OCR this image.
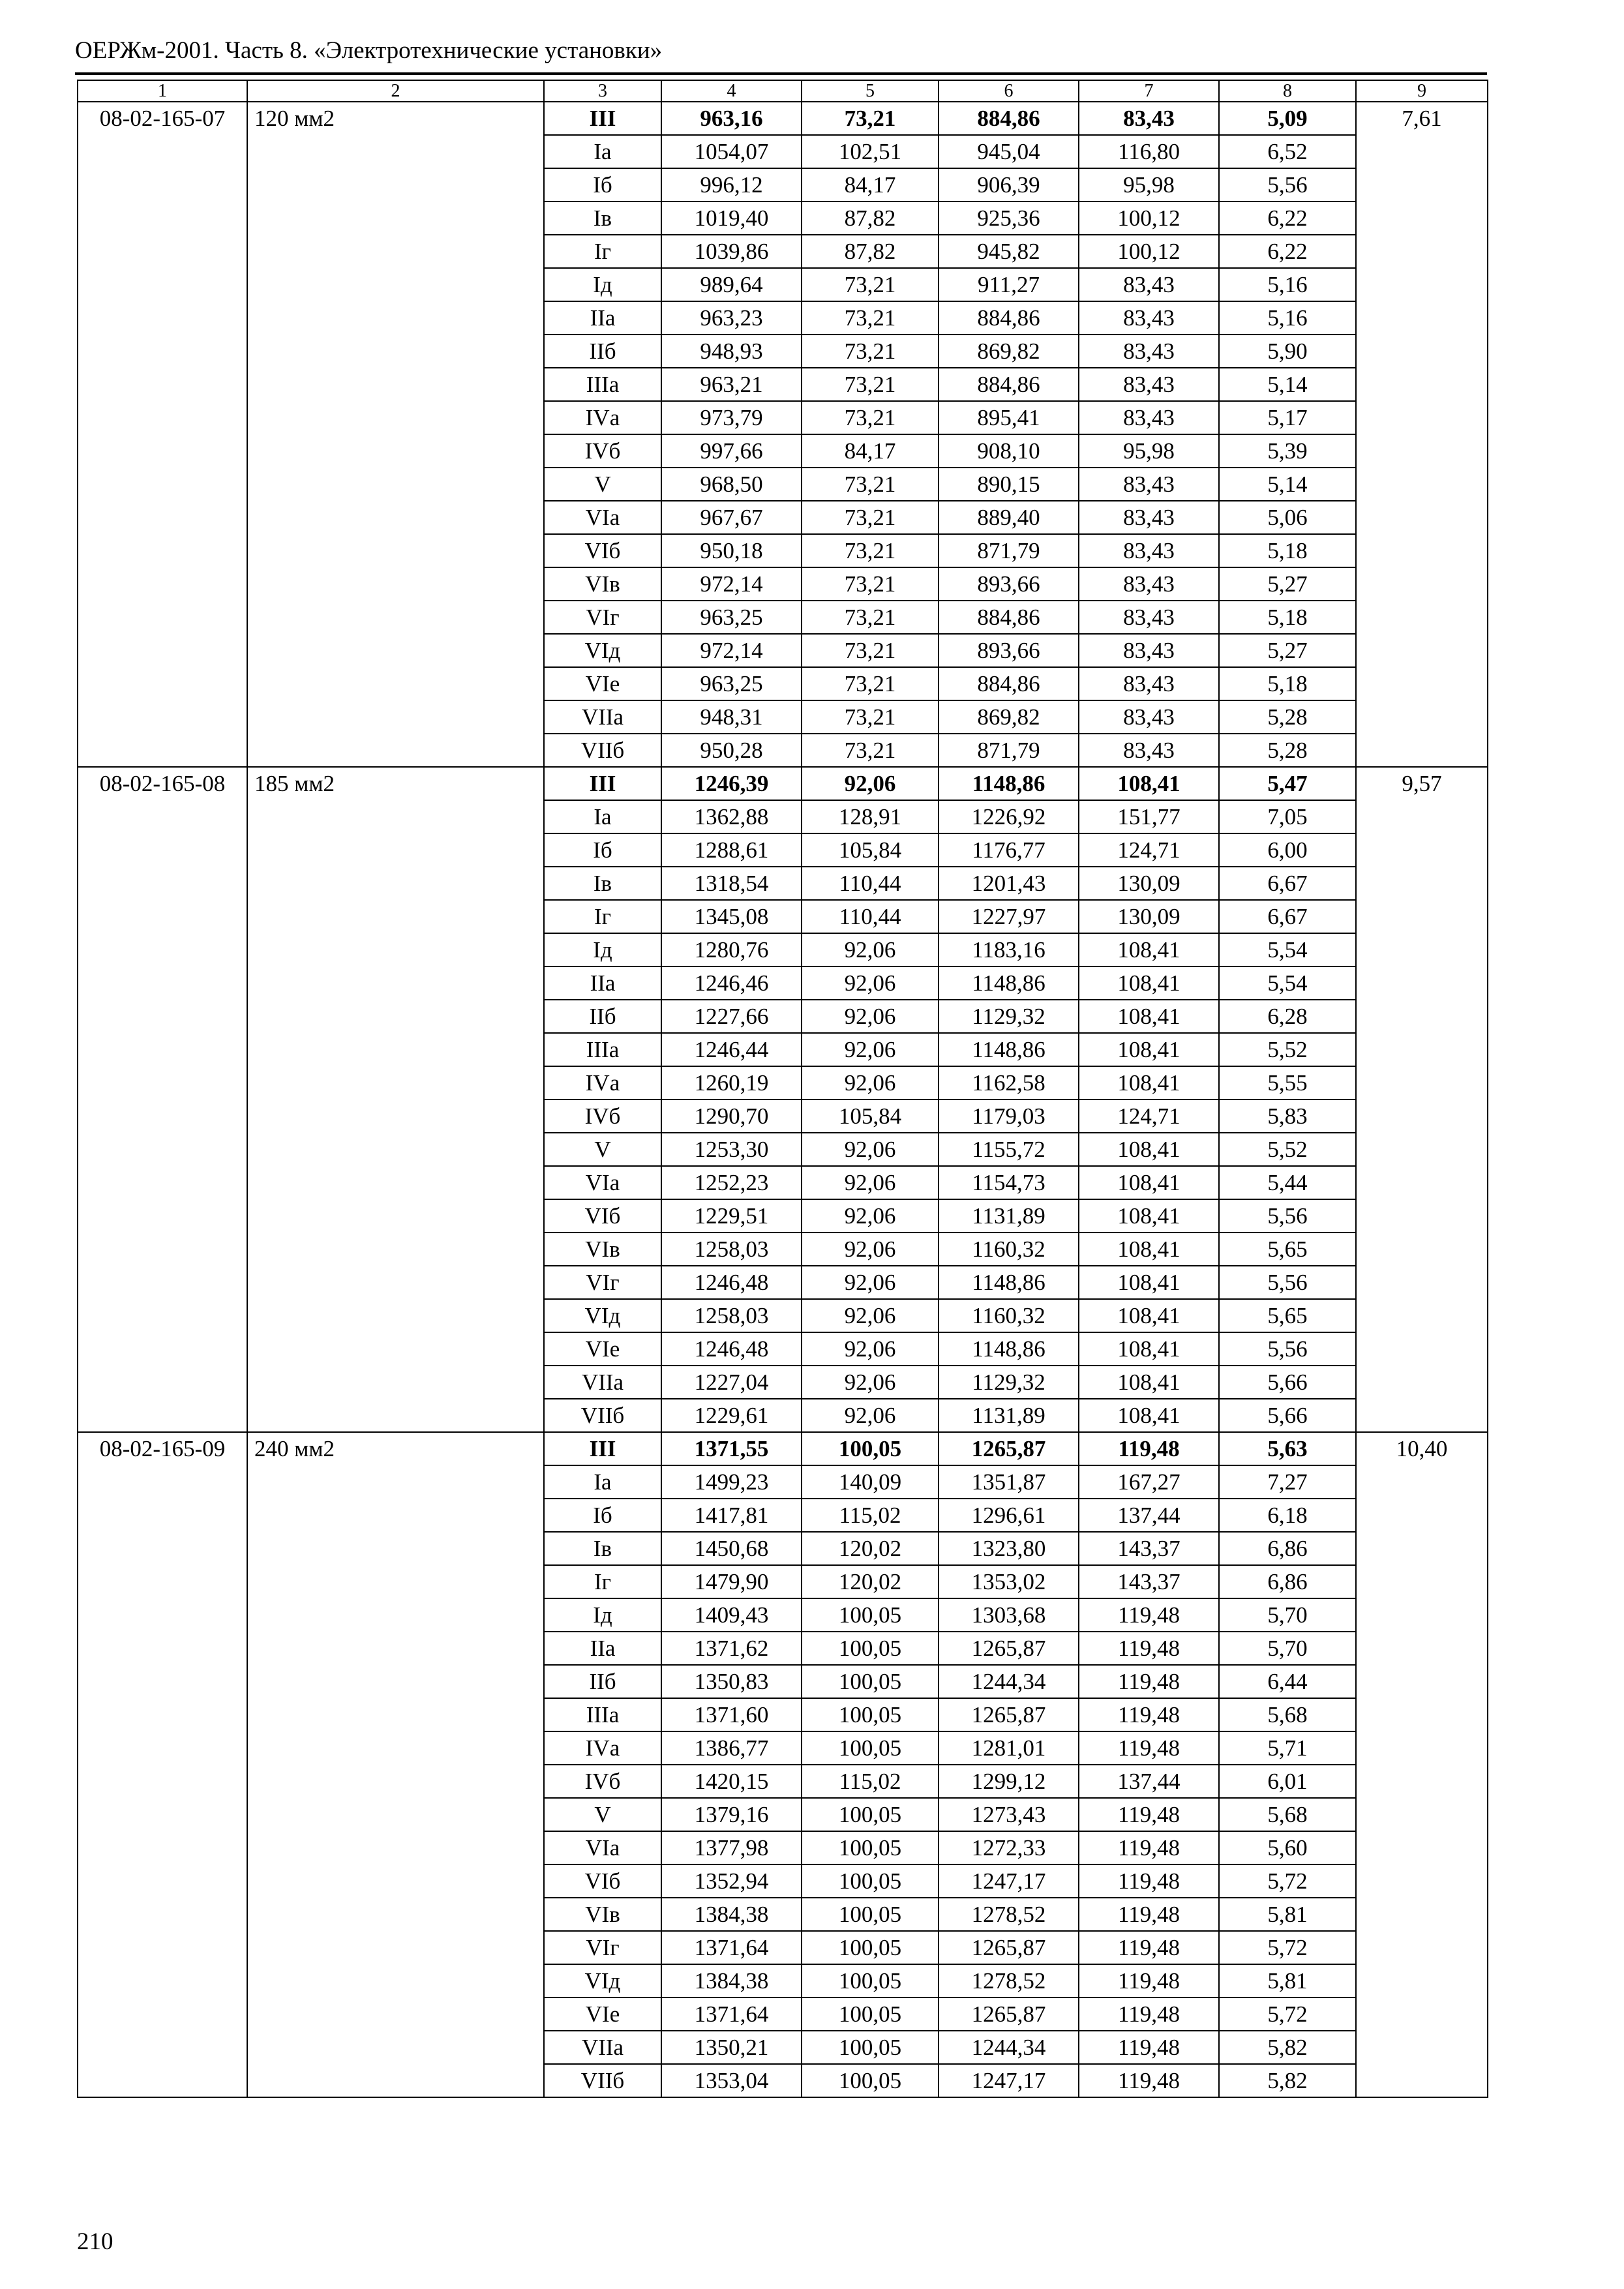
ОЕРЖм-2001. Часть 8. «Электротехнические установки»
1	2	3	4	5	6	7	8	9
08-02-165-07	120 мм2	III	963,16	73,21	884,86	83,43	5,09	7,61
		Iа	1054,07	102,51	945,04	116,80	6,52	
		Iб	996,12	84,17	906,39	95,98	5,56	
		Iв	1019,40	87,82	925,36	100,12	6,22	
		Iг	1039,86	87,82	945,82	100,12	6,22	
		Iд	989,64	73,21	911,27	83,43	5,16	
		IIа	963,23	73,21	884,86	83,43	5,16	
		IIб	948,93	73,21	869,82	83,43	5,90	
		IIIа	963,21	73,21	884,86	83,43	5,14	
		IVа	973,79	73,21	895,41	83,43	5,17	
		IVб	997,66	84,17	908,10	95,98	5,39	
		V	968,50	73,21	890,15	83,43	5,14	
		VIа	967,67	73,21	889,40	83,43	5,06	
		VIб	950,18	73,21	871,79	83,43	5,18	
		VIв	972,14	73,21	893,66	83,43	5,27	
		VIг	963,25	73,21	884,86	83,43	5,18	
		VIд	972,14	73,21	893,66	83,43	5,27	
		VIе	963,25	73,21	884,86	83,43	5,18	
		VIIа	948,31	73,21	869,82	83,43	5,28	
		VIIб	950,28	73,21	871,79	83,43	5,28	
08-02-165-08	185 мм2	III	1246,39	92,06	1148,86	108,41	5,47	9,57
		Iа	1362,88	128,91	1226,92	151,77	7,05	
		Iб	1288,61	105,84	1176,77	124,71	6,00	
		Iв	1318,54	110,44	1201,43	130,09	6,67	
		Iг	1345,08	110,44	1227,97	130,09	6,67	
		Iд	1280,76	92,06	1183,16	108,41	5,54	
		IIа	1246,46	92,06	1148,86	108,41	5,54	
		IIб	1227,66	92,06	1129,32	108,41	6,28	
		IIIа	1246,44	92,06	1148,86	108,41	5,52	
		IVа	1260,19	92,06	1162,58	108,41	5,55	
		IVб	1290,70	105,84	1179,03	124,71	5,83	
		V	1253,30	92,06	1155,72	108,41	5,52	
		VIа	1252,23	92,06	1154,73	108,41	5,44	
		VIб	1229,51	92,06	1131,89	108,41	5,56	
		VIв	1258,03	92,06	1160,32	108,41	5,65	
		VIг	1246,48	92,06	1148,86	108,41	5,56	
		VIд	1258,03	92,06	1160,32	108,41	5,65	
		VIе	1246,48	92,06	1148,86	108,41	5,56	
		VIIа	1227,04	92,06	1129,32	108,41	5,66	
		VIIб	1229,61	92,06	1131,89	108,41	5,66	
08-02-165-09	240 мм2	III	1371,55	100,05	1265,87	119,48	5,63	10,40
		Iа	1499,23	140,09	1351,87	167,27	7,27	
		Iб	1417,81	115,02	1296,61	137,44	6,18	
		Iв	1450,68	120,02	1323,80	143,37	6,86	
		Iг	1479,90	120,02	1353,02	143,37	6,86	
		Iд	1409,43	100,05	1303,68	119,48	5,70	
		IIа	1371,62	100,05	1265,87	119,48	5,70	
		IIб	1350,83	100,05	1244,34	119,48	6,44	
		IIIа	1371,60	100,05	1265,87	119,48	5,68	
		IVа	1386,77	100,05	1281,01	119,48	5,71	
		IVб	1420,15	115,02	1299,12	137,44	6,01	
		V	1379,16	100,05	1273,43	119,48	5,68	
		VIа	1377,98	100,05	1272,33	119,48	5,60	
		VIб	1352,94	100,05	1247,17	119,48	5,72	
		VIв	1384,38	100,05	1278,52	119,48	5,81	
		VIг	1371,64	100,05	1265,87	119,48	5,72	
		VIд	1384,38	100,05	1278,52	119,48	5,81	
		VIе	1371,64	100,05	1265,87	119,48	5,72	
		VIIа	1350,21	100,05	1244,34	119,48	5,82	
		VIIб	1353,04	100,05	1247,17	119,48	5,82	
210
